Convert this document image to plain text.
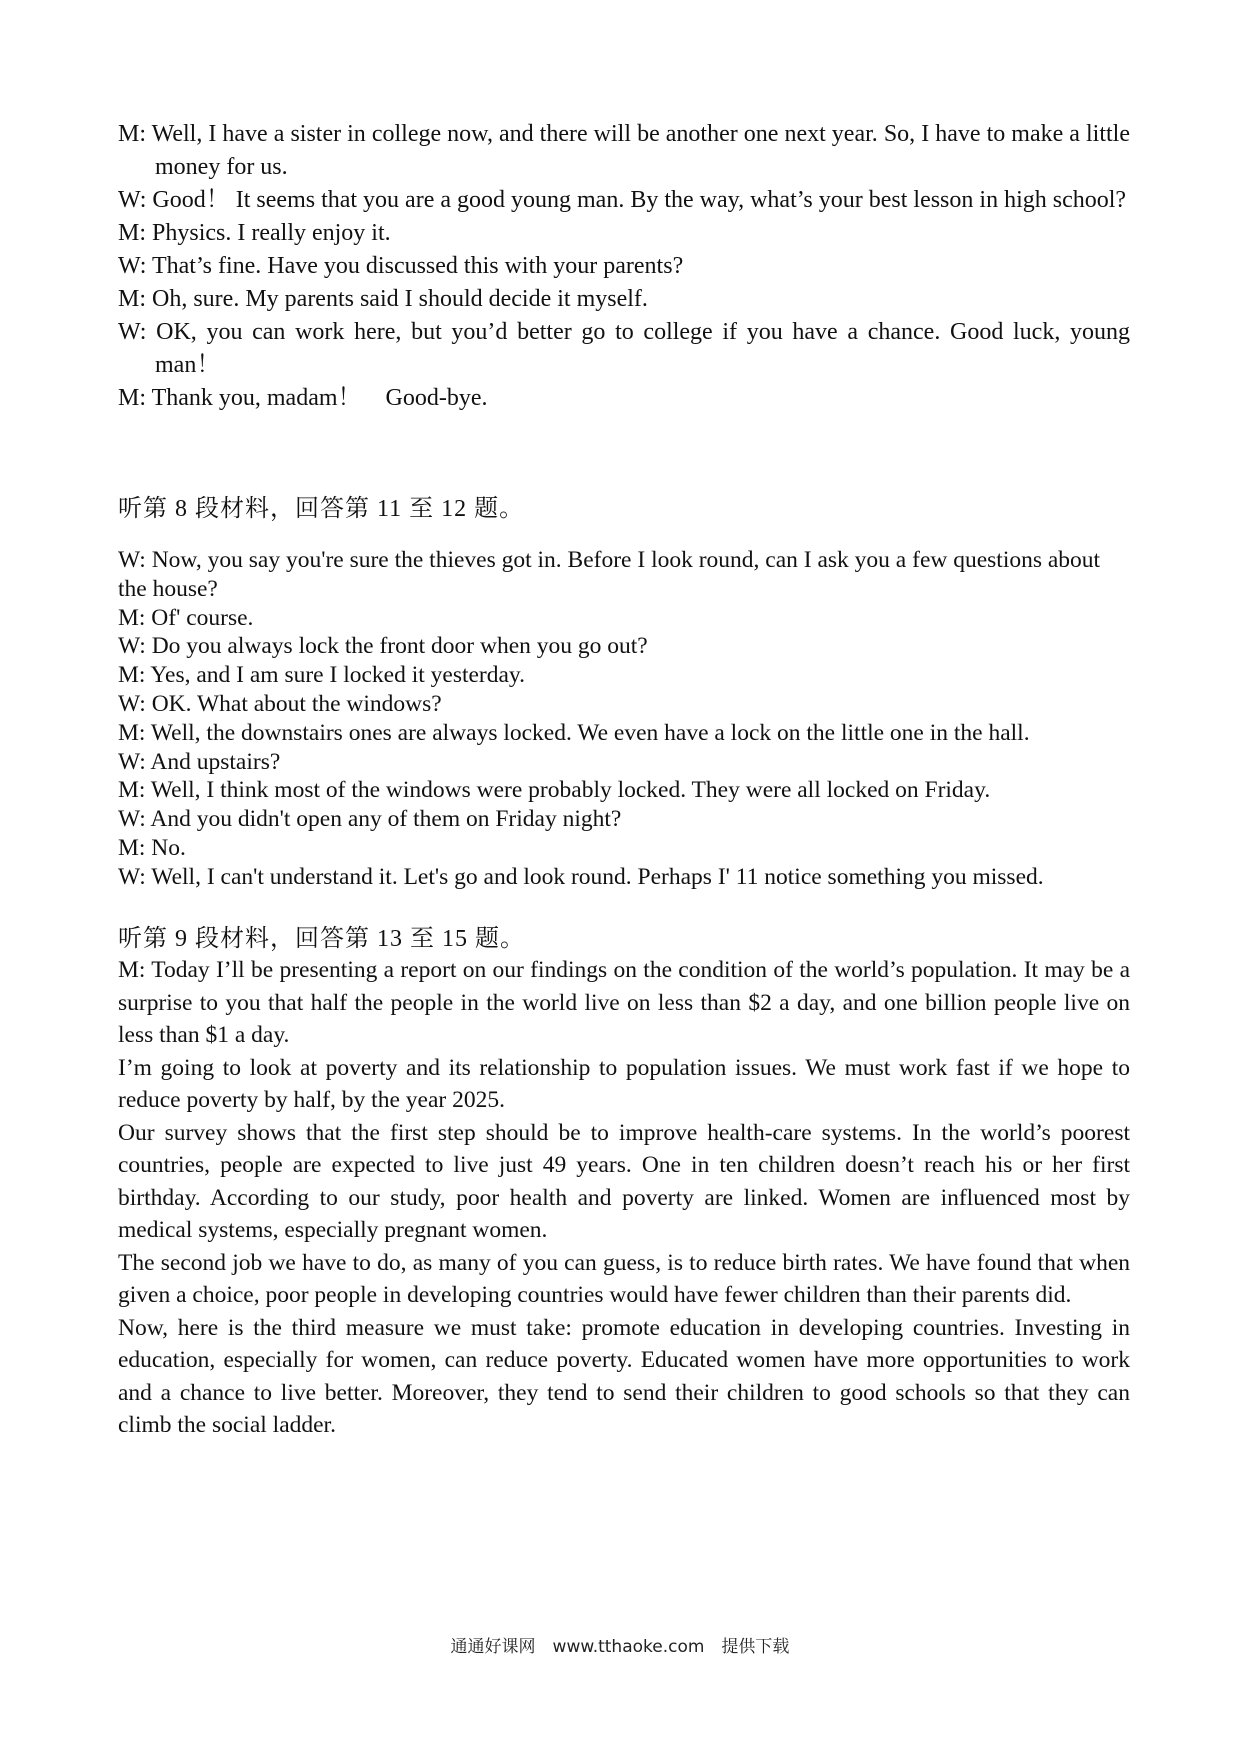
M: Well, I have a sister in college now, and there will be another one next year. So, I have to make a little money for us.

W: Good！ It seems that you are a good young man. By the way, what’s your best lesson in high school?

M: Physics. I really enjoy it.

W: That’s fine. Have you discussed this with your parents?

M: Oh, sure. My parents said I should decide it myself.

W: OK, you can work here, but you’d better go to college if you have a chance. Good luck, young man！

M: Thank you, madam！　Good-bye.

听第 8 段材料，回答第 11 至 12 题。

W: Now, you say you're sure the thieves got in. Before I look round, can I ask you a few questions about the house?

M: Of' course.

W: Do you always lock the front door when you go out?

M: Yes, and I am sure I locked it yesterday.

W: OK. What about the windows?

M: Well, the downstairs ones are always locked. We even have a lock on the little one in the hall.

W: And upstairs?

M: Well, I think most of the windows were probably locked. They were all locked on Friday.

W: And you didn't open any of them on Friday night?

M: No.

W: Well, I can't understand it. Let's go and look round. Perhaps I' 11 notice something you missed.

听第 9 段材料，回答第 13 至 15 题。

M: Today I’ll be presenting a report on our findings on the condition of the world’s population. It may be a surprise to you that half the people in the world live on less than $2 a day, and one billion people live on less than $1 a day.

I’m going to look at poverty and its relationship to population issues. We must work fast if we hope to reduce poverty by half, by the year 2025.

Our survey shows that the first step should be to improve health-care systems. In the world’s poorest countries, people are expected to live just 49 years. One in ten children doesn’t reach his or her first birthday. According to our study, poor health and poverty are linked. Women are influenced most by medical systems, especially pregnant women.

The second job we have to do, as many of you can guess, is to reduce birth rates. We have found that when given a choice, poor people in developing countries would have fewer children than their parents did.

Now, here is the third measure we must take: promote education in developing countries. Investing in education, especially for women, can reduce poverty. Educated women have more opportunities to work and a chance to live better. Moreover, they tend to send their children to good schools so that they can climb the social ladder.

通通好课网　www.tthaoke.com　提供下载
